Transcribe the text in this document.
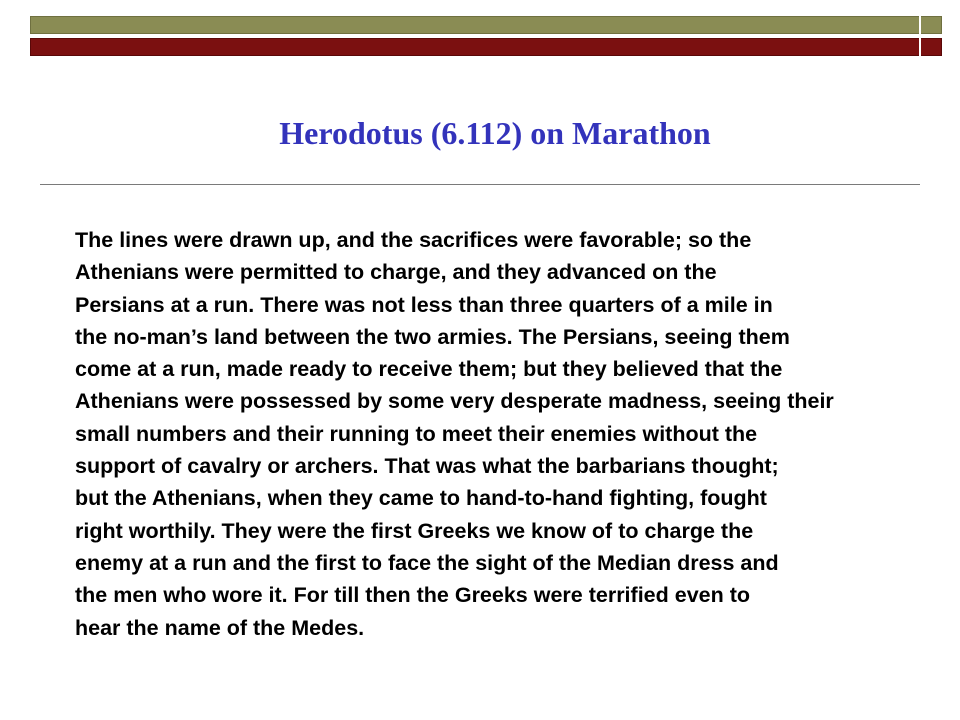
Herodotus (6.112) on Marathon
The lines were drawn up, and the sacrifices were favorable; so the
Athenians were permitted to charge, and they advanced on the
Persians at a run. There was not less than three quarters of a mile in
the no-man’s land between the two armies. The Persians, seeing them
come at a run, made ready to receive them; but they believed that the
Athenians were possessed by some very desperate madness, seeing their
small numbers and their running to meet their enemies without the
support of cavalry or archers. That was what the barbarians thought;
but the Athenians, when they came to hand-to-hand fighting, fought
right worthily. They were the first Greeks we know of to charge the
enemy at a run and the first to face the sight of the Median dress and
the men who wore it. For till then the Greeks were terrified even to
hear the name of the Medes.
